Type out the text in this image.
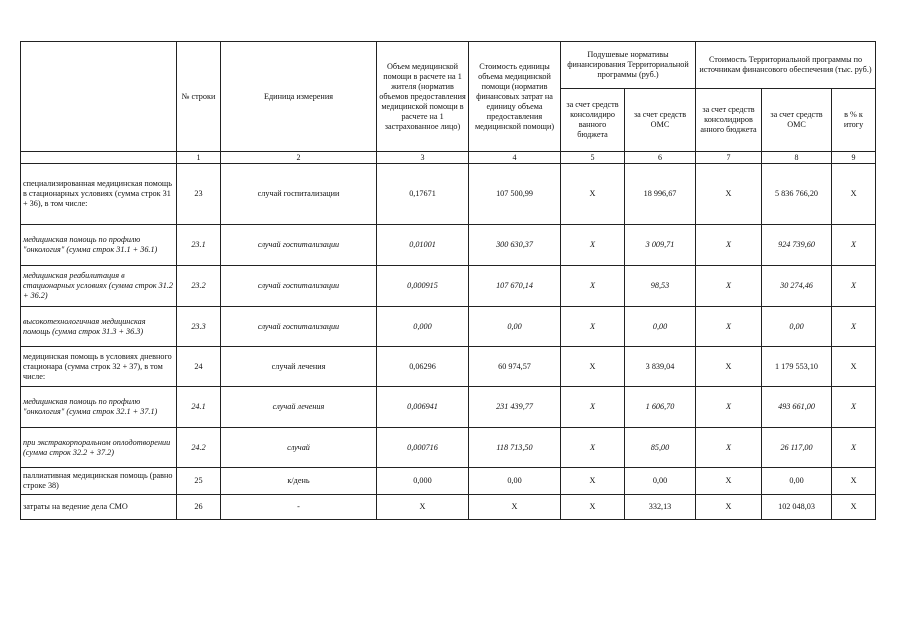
	№ строки	Единица измерения	Объем медицинской помощи в расчете на 1 жителя (норматив объемов предоставления медицинской помощи в расчете на 1 застрахованное лицо)	Стоимость единицы объема медицинской помощи (норматив финансовых затрат на единицу объема предоставления медицинской помощи)	Подушевые нормативы финансирования Территориальной программы (руб.)		Стоимость Территориальной программы по источникам финансового обеспечения (тыс. руб.)		
					за счет средств консолидиро ванного бюджета	за счет средств ОМС	за счет средств консолидиров анного бюджета	за счет средств ОМС	в % к итогу
	1	2	3	4	5	6	7	8	9
специализированная медицинская помощь в стационарных условиях (сумма строк 31 + 36), в том числе:	23	случай госпитализации	0,17671	107 500,99	Х	18 996,67	Х	5 836 766,20	Х
медицинская помощь по профилю "онкология" (сумма строк 31.1 + 36.1)	23.1	случай госпитализации	0,01001	300 630,37	Х	3 009,71	Х	924 739,60	Х
медицинская реабилитация в стационарных условиях (сумма строк 31.2 + 36.2)	23.2	случай госпитализации	0,000915	107 670,14	Х	98,53	Х	30 274,46	Х
высокотехнологичная медицинская помощь (сумма строк 31.3 + 36.3)	23.3	случай госпитализации	0,000	0,00	Х	0,00	Х	0,00	Х
медицинская помощь в условиях дневного стационара (сумма строк 32 + 37), в том числе:	24	случай лечения	0,06296	60 974,57	Х	3 839,04	Х	1 179 553,10	Х
медицинская помощь по профилю "онкология" (сумма строк 32.1 + 37.1)	24.1	случай лечения	0,006941	231 439,77	Х	1 606,70	Х	493 661,00	Х
при экстракорпоральном оплодотворении (сумма строк 32.2 + 37.2)	24.2	случай	0,000716	118 713,50	Х	85,00	Х	26 117,00	Х
паллиативная медицинская помощь (равно строке 38)	25	к/день	0,000	0,00	Х	0,00	Х	0,00	Х
затраты на ведение дела СМО	26	-	Х	Х	Х	332,13	Х	102 048,03	Х
